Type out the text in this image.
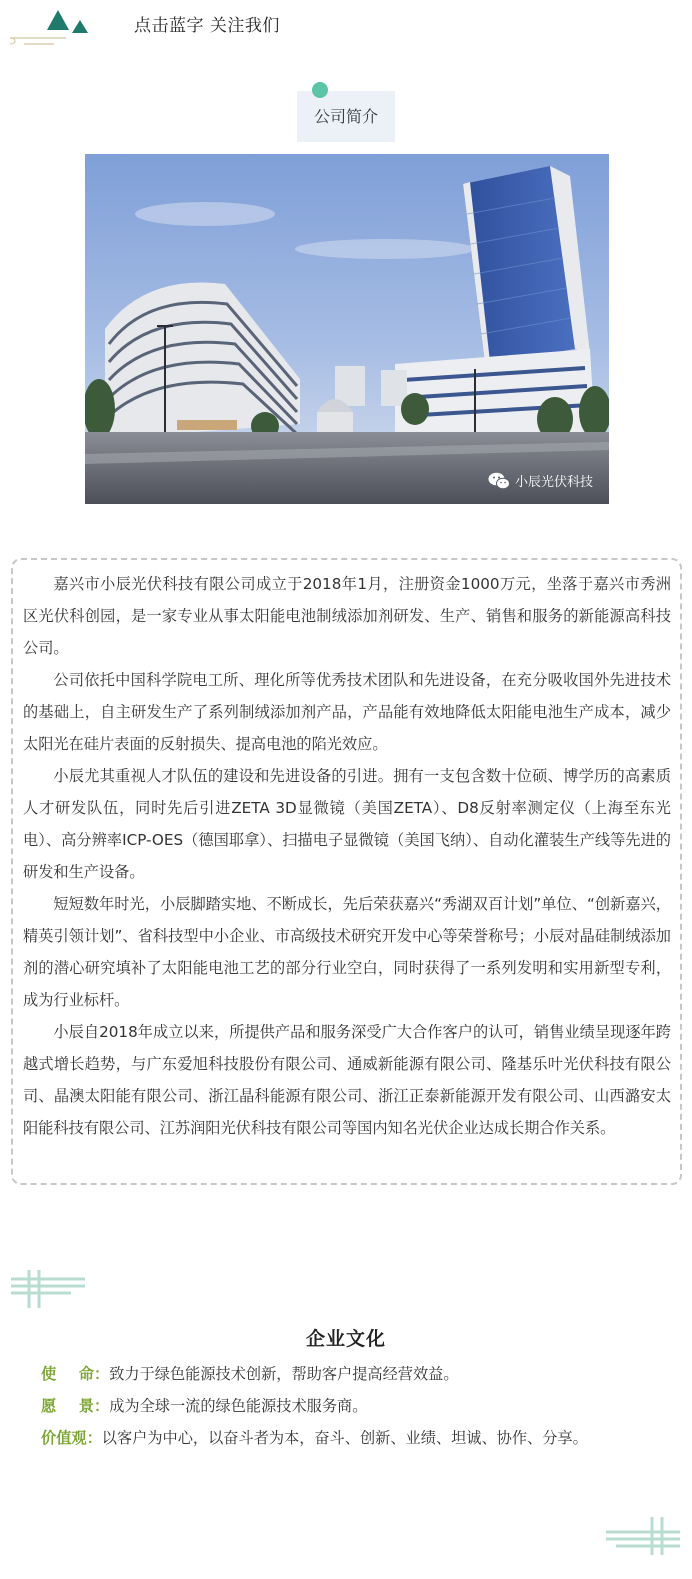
点击蓝字 关注我们
公司简介
小辰光伏科技

嘉兴市小辰光伏科技有限公司成立于2018年1月，注册资金1000万元，坐落于嘉兴市秀洲区光伏科创园，是一家专业从事太阳能电池制绒添加剂研发、生产、销售和服务的新能源高科技公司。

公司依托中国科学院电工所、理化所等优秀技术团队和先进设备，在充分吸收国外先进技术的基础上，自主研发生产了系列制绒添加剂产品，产品能有效地降低太阳能电池生产成本，减少太阳光在硅片表面的反射损失、提高电池的陷光效应。

小辰尤其重视人才队伍的建设和先进设备的引进。拥有一支包含数十位硕、博学历的高素质人才研发队伍，同时先后引进ZETA 3D显微镜（美国ZETA）、D8反射率测定仪（上海至东光电）、高分辨率ICP-OES（德国耶拿）、扫描电子显微镜（美国飞纳）、自动化灌装生产线等先进的研发和生产设备。

短短数年时光，小辰脚踏实地、不断成长，先后荣获嘉兴“秀湖双百计划”单位、“创新嘉兴，精英引领计划”、省科技型中小企业、市高级技术研究开发中心等荣誉称号；小辰对晶硅制绒添加剂的潜心研究填补了太阳能电池工艺的部分行业空白，同时获得了一系列发明和实用新型专利，成为行业标杆。

小辰自2018年成立以来，所提供产品和服务深受广大合作客户的认可，销售业绩呈现逐年跨越式增长趋势，与广东爱旭科技股份有限公司、通威新能源有限公司、隆基乐叶光伏科技有限公司、晶澳太阳能有限公司、浙江晶科能源有限公司、浙江正泰新能源开发有限公司、山西潞安太阳能科技有限公司、江苏润阳光伏科技有限公司等国内知名光伏企业达成长期合作关系。

企业文化
使 命：致力于绿色能源技术创新，帮助客户提高经营效益。
愿 景：成为全球一流的绿色能源技术服务商。
价值观：以客户为中心，以奋斗者为本，奋斗、创新、业绩、坦诚、协作、分享。
